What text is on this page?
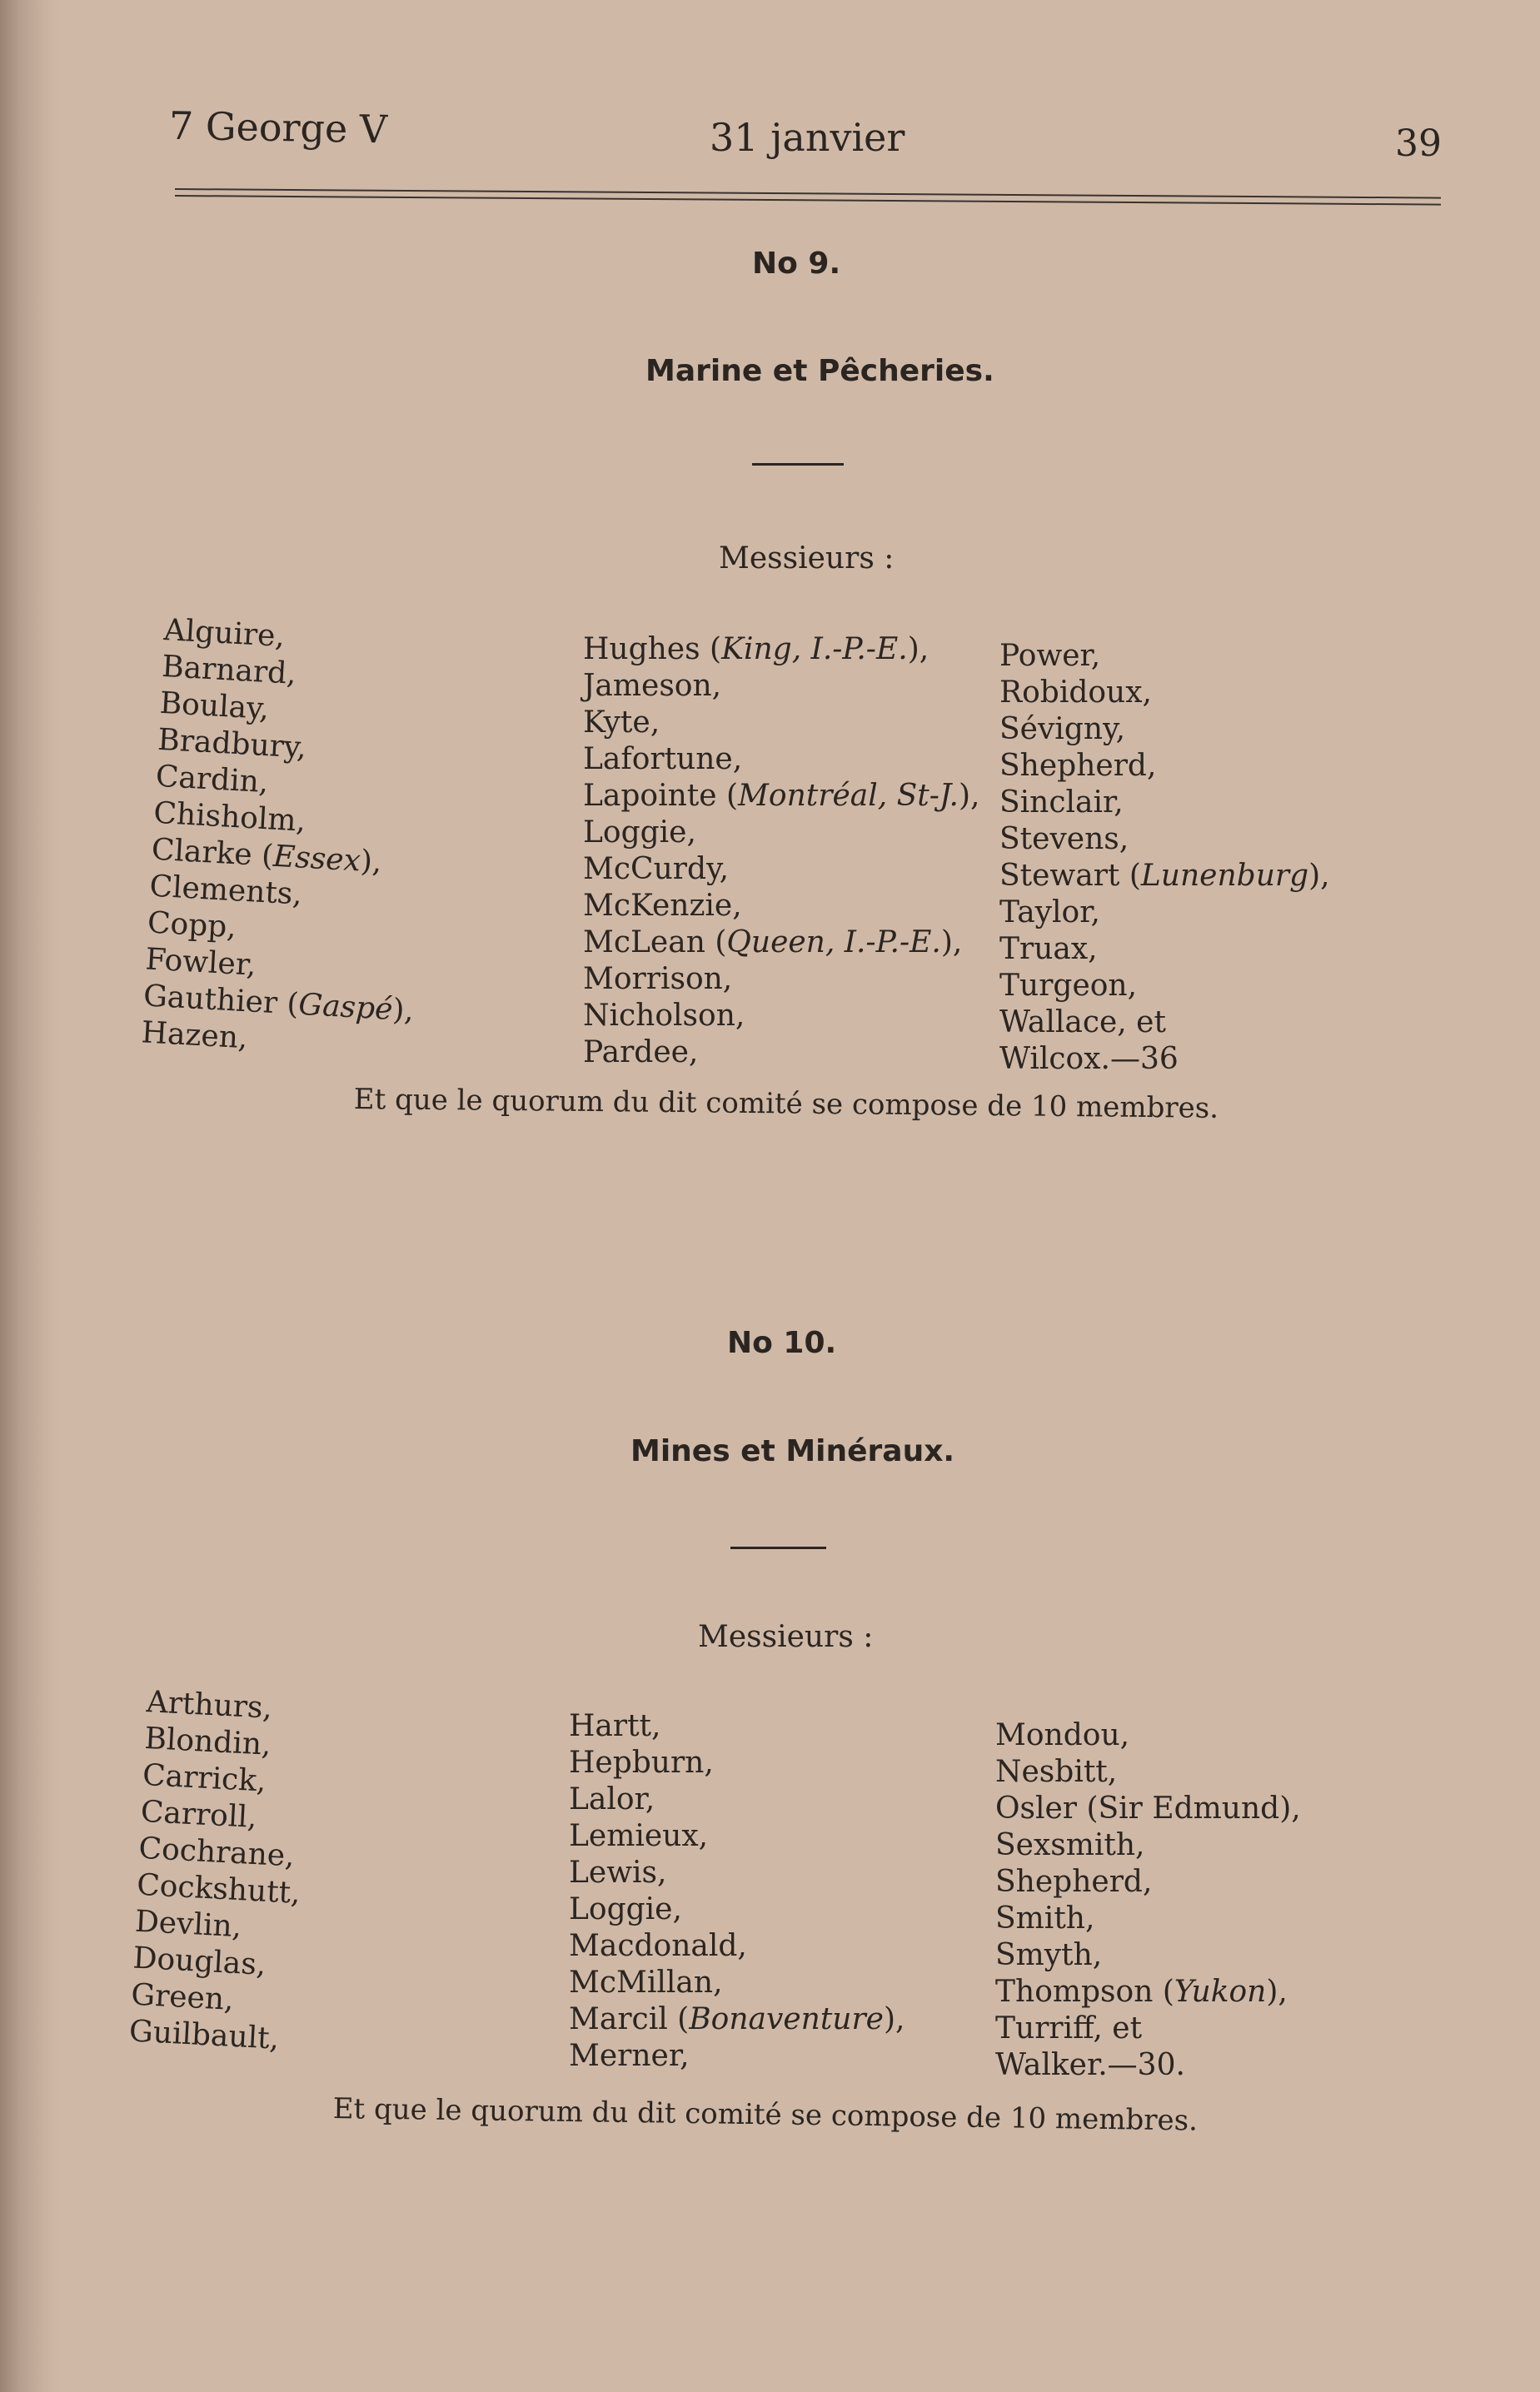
7 George V	31 janvier	39
No 9.
Marine et Pêcheries.
Messieurs :
Alguire,
Barnard,
Boulay,
Bradbury,
Cardin,
Chisholm,
Clarke (Essex),
Clements,
Copp,
Fowler,
Gauthier (Gaspé),
Hazen,
Hughes (King, I.-P.-E.),
Jameson,
Kyte,
Lafortune,
Lapointe (Montréal, St-J.),
Loggie,
McCurdy,
McKenzie,
McLean (Queen, I.-P.-E.),
Morrison,
Nicholson,
Pardee,
Power,
Robidoux,
Sévigny,
Shepherd,
Sinclair,
Stevens,
Stewart (Lunenburg),
Taylor,
Truax,
Turgeon,
Wallace, et
Wilcox.—36
Et que le quorum du dit comité se compose de 10 membres.
No 10.
Mines et Minéraux.
Messieurs :
Arthurs,
Blondin,
Carrick,
Carroll,
Cochrane,
Cockshutt,
Devlin,
Douglas,
Green,
Guilbault,
Hartt,
Hepburn,
Lalor,
Lemieux,
Lewis,
Loggie,
Macdonald,
McMillan,
Marcil (Bonaventure),
Merner,
Mondou,
Nesbitt,
Osler (Sir Edmund),
Sexsmith,
Shepherd,
Smith,
Smyth,
Thompson (Yukon),
Turriff, et
Walker.—30.
Et que le quorum du dit comité se compose de 10 membres.
